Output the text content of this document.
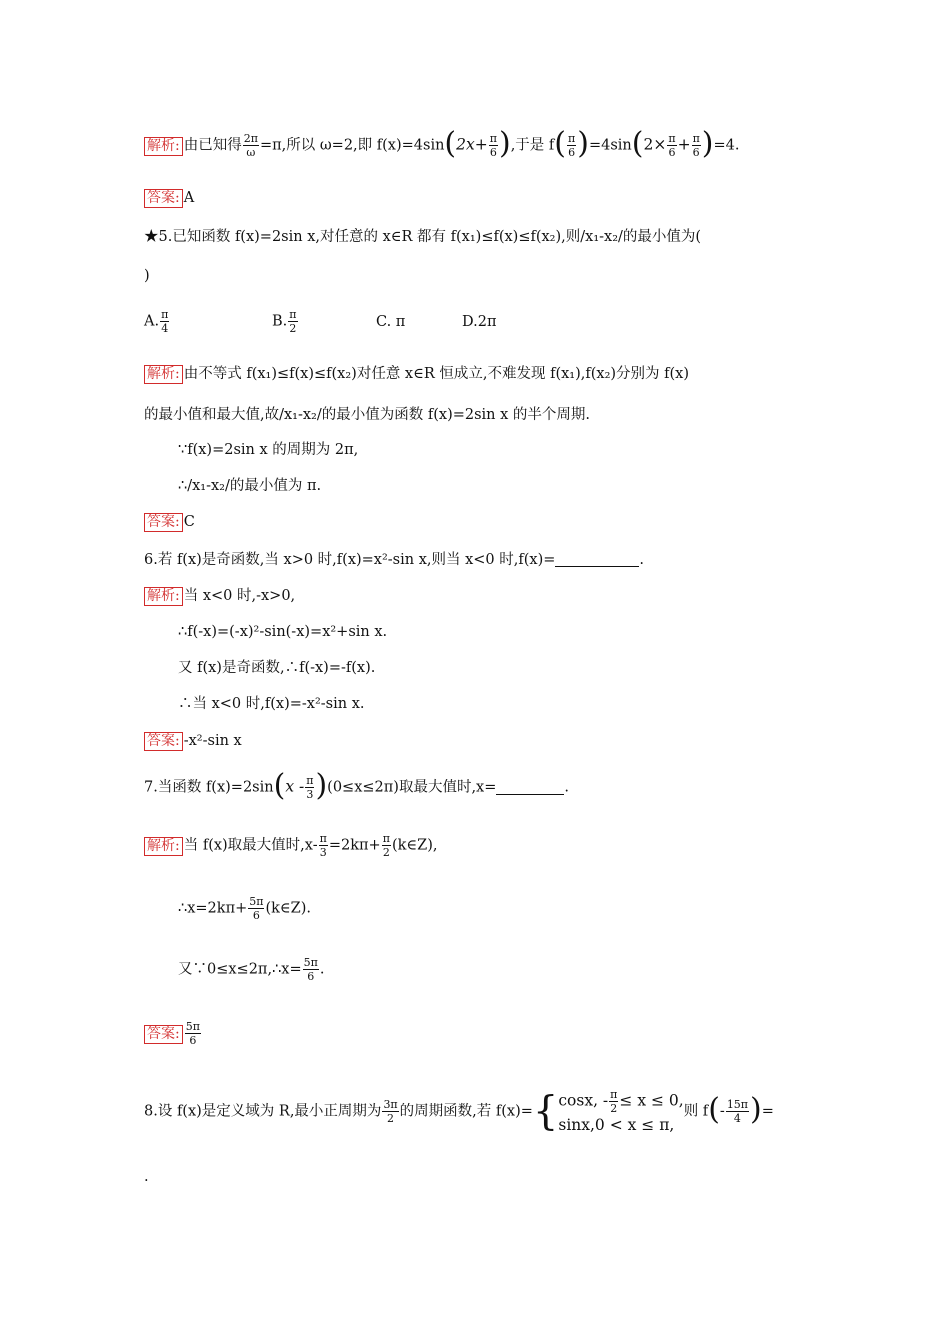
解析: 由已知得 $\frac{2\pi}{\omega} =\pi$,所以 ω=2,即 $f(x)=4\sin(2x+ \frac{\pi}{6}$ ),于是 $f( \frac{\pi}{6} )=4\sin(2\times \frac{\pi}{6} + \frac{\pi}{6} )=4$.
答案: A
★5.已知函数 f(x)=2sin x,对任意的 x∈R 都有 f(x₁)≤f(x)≤f(x₂),则/x₁-x₂/的最小值为(
)
A. $\frac{\pi}{4}$	B. $\frac{\pi}{2}$	C. π	D.2π
解析: 由不等式 f(x₁)≤f(x)≤f(x₂)对任意 x∈R 恒成立,不难发现 f(x₁),f(x₂)分别为 f(x)
的最小值和最大值,故/x₁-x₂/的最小值为函数 f(x)=2sin x 的半个周期.
∵f(x)=2sin x 的周期为 2π,
∴/x₁-x₂/的最小值为 π.
答案: C
6.若 f(x)是奇函数,当 x>0 时,f(x)=x²-sin x,则当 x<0 时,f(x)=	.
解析: 当 x<0 时,-x>0,
∴f(-x)=(-x)²-sin(-x)=x²+sin x.
又 f(x)是奇函数,∴f(-x)=-f(x).
∴当 x<0 时,f(x)=-x²-sin x.
答案: -x²-sin x
7.当函数 $f(x)=2\sin(x - \frac{\pi}{3} )(0\le x\le 2\pi)$取最大值时,x=	.
解析: 当 f(x)取最大值时$,x- \frac{\pi}{3} =2k\pi+ \frac{\pi}{2}$ (k∈Z),
∴x=2kπ+ $\frac{5\pi}{6}$ (k∈Z).
又∵0≤x≤2π,∴x= $\frac{5\pi}{6}$ .
答案: $\frac{5\pi}{6}$
8.设 f(x)是定义域为 R,最小正周期为 $\frac{3\pi}{2}$ 的周期函数,若 f(x)={ cosx, - $\frac{\pi}{2} \le x \le 0$,
sinx,0 < x ≤ π,
则 $f(- \frac{15\pi}{4}$ )=
.
